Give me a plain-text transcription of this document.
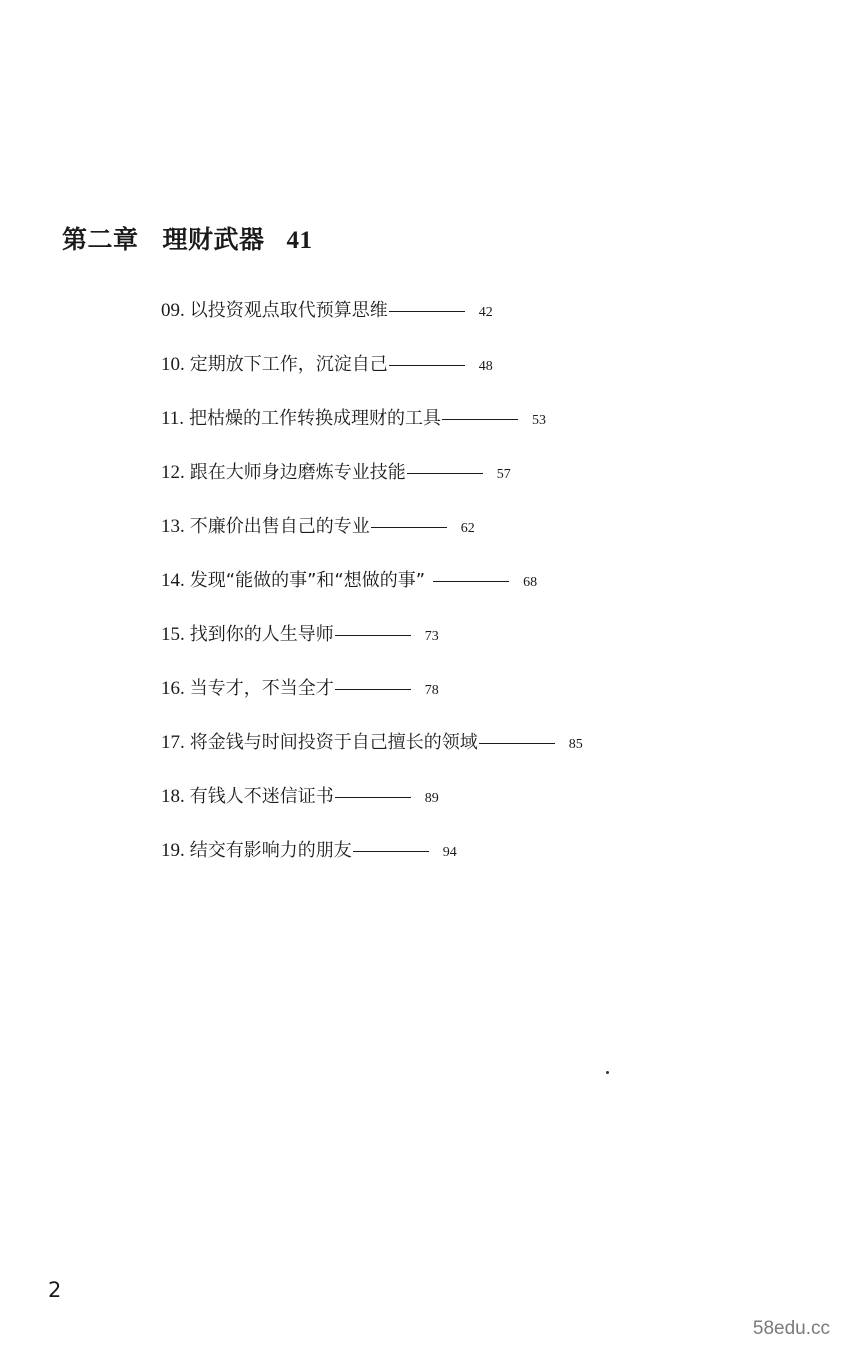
第二章 理财武器 41
09. 以投资观点取代预算思维	42
10. 定期放下工作，沉淀自己	48
11. 把枯燥的工作转换成理财的工具	53
12. 跟在大师身边磨炼专业技能	57
13. 不廉价出售自己的专业	62
14. 发现“能做的事”和“想做的事”	68
15. 找到你的人生导师	73
16. 当专才，不当全才	78
17. 将金钱与时间投资于自己擅长的领域	85
18. 有钱人不迷信证书	89
19. 结交有影响力的朋友	94
2
58edu.cc
